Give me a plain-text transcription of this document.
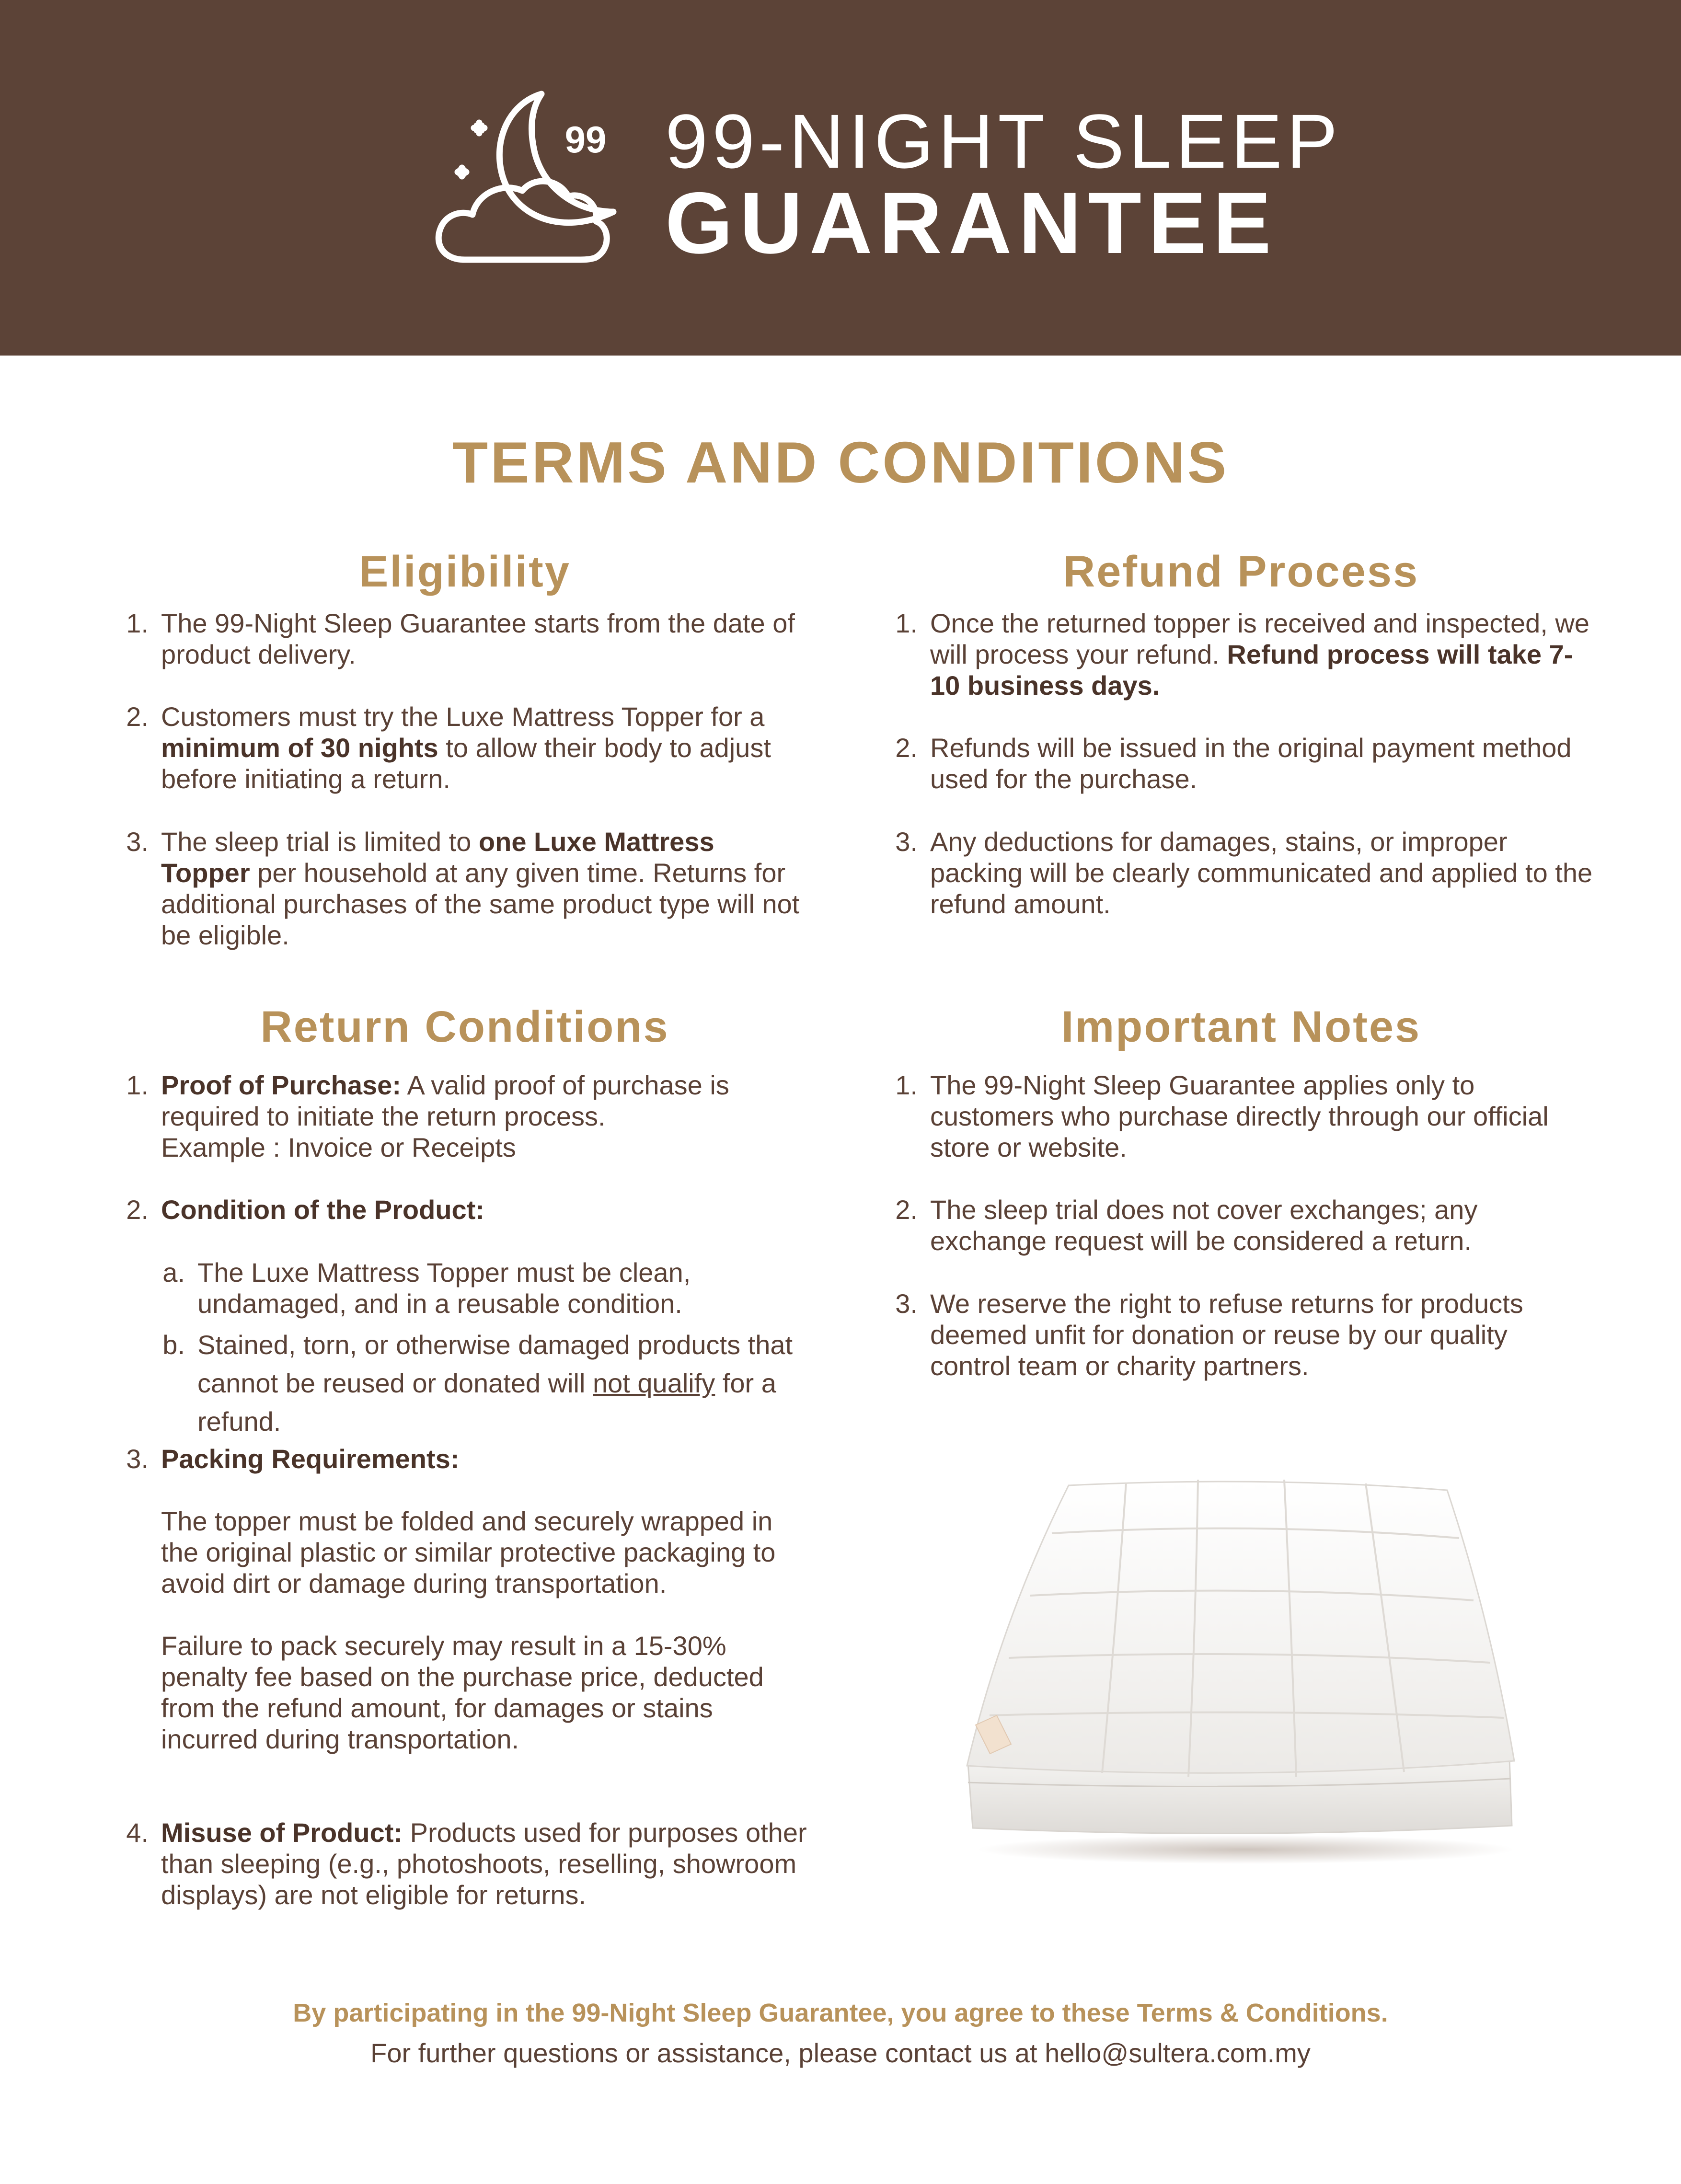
99 99-NIGHT SLEEP
GUARANTEE
TERMS AND CONDITIONS
Eligibility
1. The 99-Night Sleep Guarantee starts from the date of product delivery.
2. Customers must try the Luxe Mattress Topper for a minimum of 30 nights to allow their body to adjust before initiating a return.
3. The sleep trial is limited to one Luxe Mattress Topper per household at any given time. Returns for additional purchases of the same product type will not be eligible.
Return Conditions
1. Proof of Purchase: A valid proof of purchase is required to initiate the return process.
Example : Invoice or Receipts
2. Condition of the Product:
a. The Luxe Mattress Topper must be clean, undamaged, and in a reusable condition.
b. Stained, torn, or otherwise damaged products that cannot be reused or donated will not qualify for a refund.
3. Packing Requirements:
The topper must be folded and securely wrapped in the original plastic or similar protective packaging to avoid dirt or damage during transportation.
Failure to pack securely may result in a 15-30% penalty fee based on the purchase price, deducted from the refund amount, for damages or stains incurred during transportation.
4. Misuse of Product: Products used for purposes other than sleeping (e.g., photoshoots, reselling, showroom displays) are not eligible for returns.
Refund Process
1. Once the returned topper is received and inspected, we will process your refund. Refund process will take 7-10 business days.
2. Refunds will be issued in the original payment method used for the purchase.
3. Any deductions for damages, stains, or improper packing will be clearly communicated and applied to the refund amount.
Important Notes
1. The 99-Night Sleep Guarantee applies only to customers who purchase directly through our official store or website.
2. The sleep trial does not cover exchanges; any exchange request will be considered a return.
3. We reserve the right to refuse returns for products deemed unfit for donation or reuse by our quality control team or charity partners.
By participating in the 99-Night Sleep Guarantee, you agree to these Terms & Conditions.
For further questions or assistance, please contact us at hello@sultera.com.my
